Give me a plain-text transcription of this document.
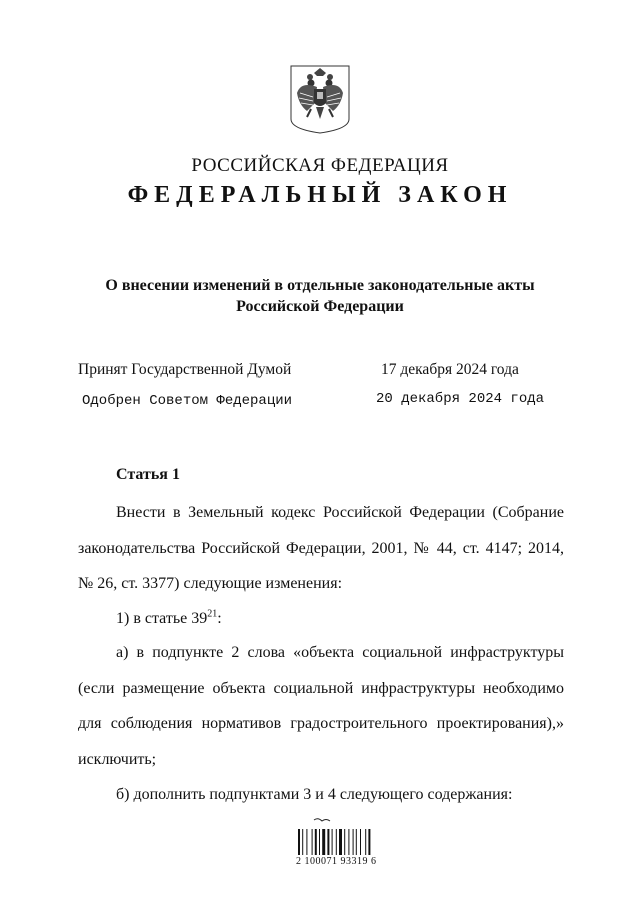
РОССИЙСКАЯ ФЕДЕРАЦИЯ
ФЕДЕРАЛЬНЫЙ ЗАКОН
О внесении изменений в отдельные законодательные акты
Российской Федерации
Принят Государственной Думой	17 декабря 2024 года
Одобрен Советом Федерации	20 декабря 2024 года
Статья 1
Внести в Земельный кодекс Российской Федерации (Собрание законодательства Российской Федерации, 2001, № 44, ст. 4147; 2014, № 26, ст. 3377) следующие изменения:
1) в статье $39^{21}$:
а) в подпункте 2 слова «объекта социальной инфраструктуры (если размещение объекта социальной инфраструктуры необходимо для соблюдения нормативов градостроительного проектирования),» исключить;
б) дополнить подпунктами 3 и 4 следующего содержания:
2 100071 93319 6
